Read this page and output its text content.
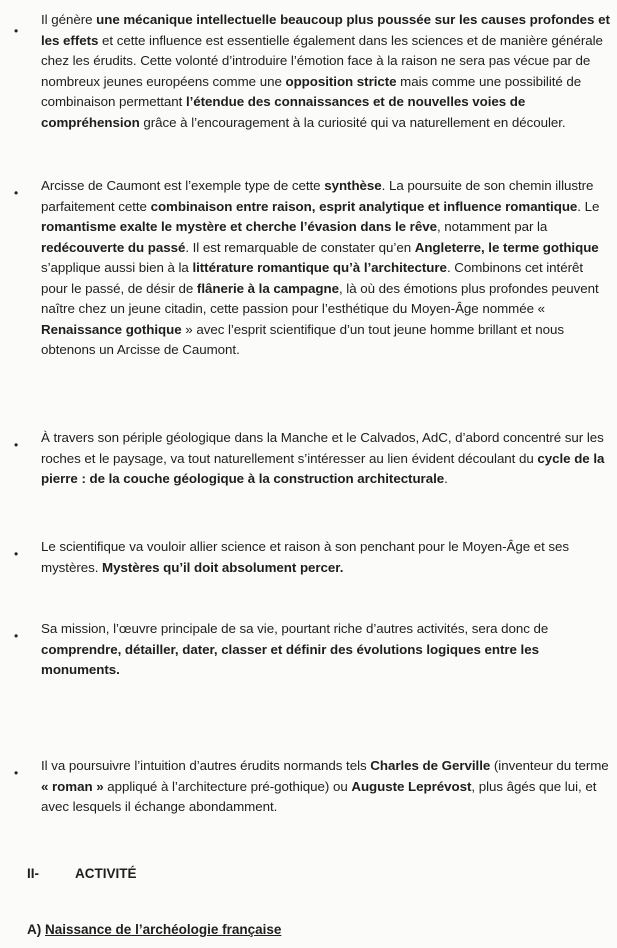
•
Il génère une mécanique intellectuelle beaucoup plus poussée sur les causes profondes et les effets et cette influence est essentielle également dans les sciences et de manière générale chez les érudits. Cette volonté d’introduire l’émotion face à la raison ne sera pas vécue par de nombreux jeunes européens comme une opposition stricte mais comme une possibilité de combinaison permettant l’étendue des connaissances et de nouvelles voies de compréhension grâce à l’encouragement à la curiosité qui va naturellement en découler.
•	Arcisse de Caumont est l’exemple type de cette synthèse. La poursuite de son chemin illustre parfaitement cette combinaison entre raison, esprit analytique et influence romantique. Le romantisme exalte le mystère et cherche l’évasion dans le rêve, notamment par la redécouverte du passé. Il est remarquable de constater qu’en Angleterre, le terme gothique s’applique aussi bien à la littérature romantique qu’à l’architecture. Combinons cet intérêt pour le passé, de désir de flânerie à la campagne, là où des émotions plus profondes peuvent naître chez un jeune citadin, cette passion pour l’esthétique du Moyen-Âge nommée « Renaissance gothique » avec l’esprit scientifique d’un tout jeune homme brillant et nous obtenons un Arcisse de Caumont.
•	À travers son périple géologique dans la Manche et le Calvados, AdC, d’abord concentré sur les roches et le paysage, va tout naturellement s’intéresser au lien évident découlant du cycle de la pierre : de la couche géologique à la construction architecturale.
•	Le scientifique va vouloir allier science et raison à son penchant pour le Moyen-Âge et ses mystères. Mystères qu’il doit absolument percer.
•	Sa mission, l’œuvre principale de sa vie, pourtant riche d’autres activités, sera donc de comprendre, détailler, dater, classer et définir des évolutions logiques entre les monuments.
•	Il va poursuivre l’intuition d’autres érudits normands tels Charles de Gerville (inventeur du terme « roman » appliqué à l’architecture pré-gothique) ou Auguste Leprévost, plus âgés que lui, et avec lesquels il échange abondamment.
II-	ACTIVITÉ
A) Naissance de l’archéologie française
